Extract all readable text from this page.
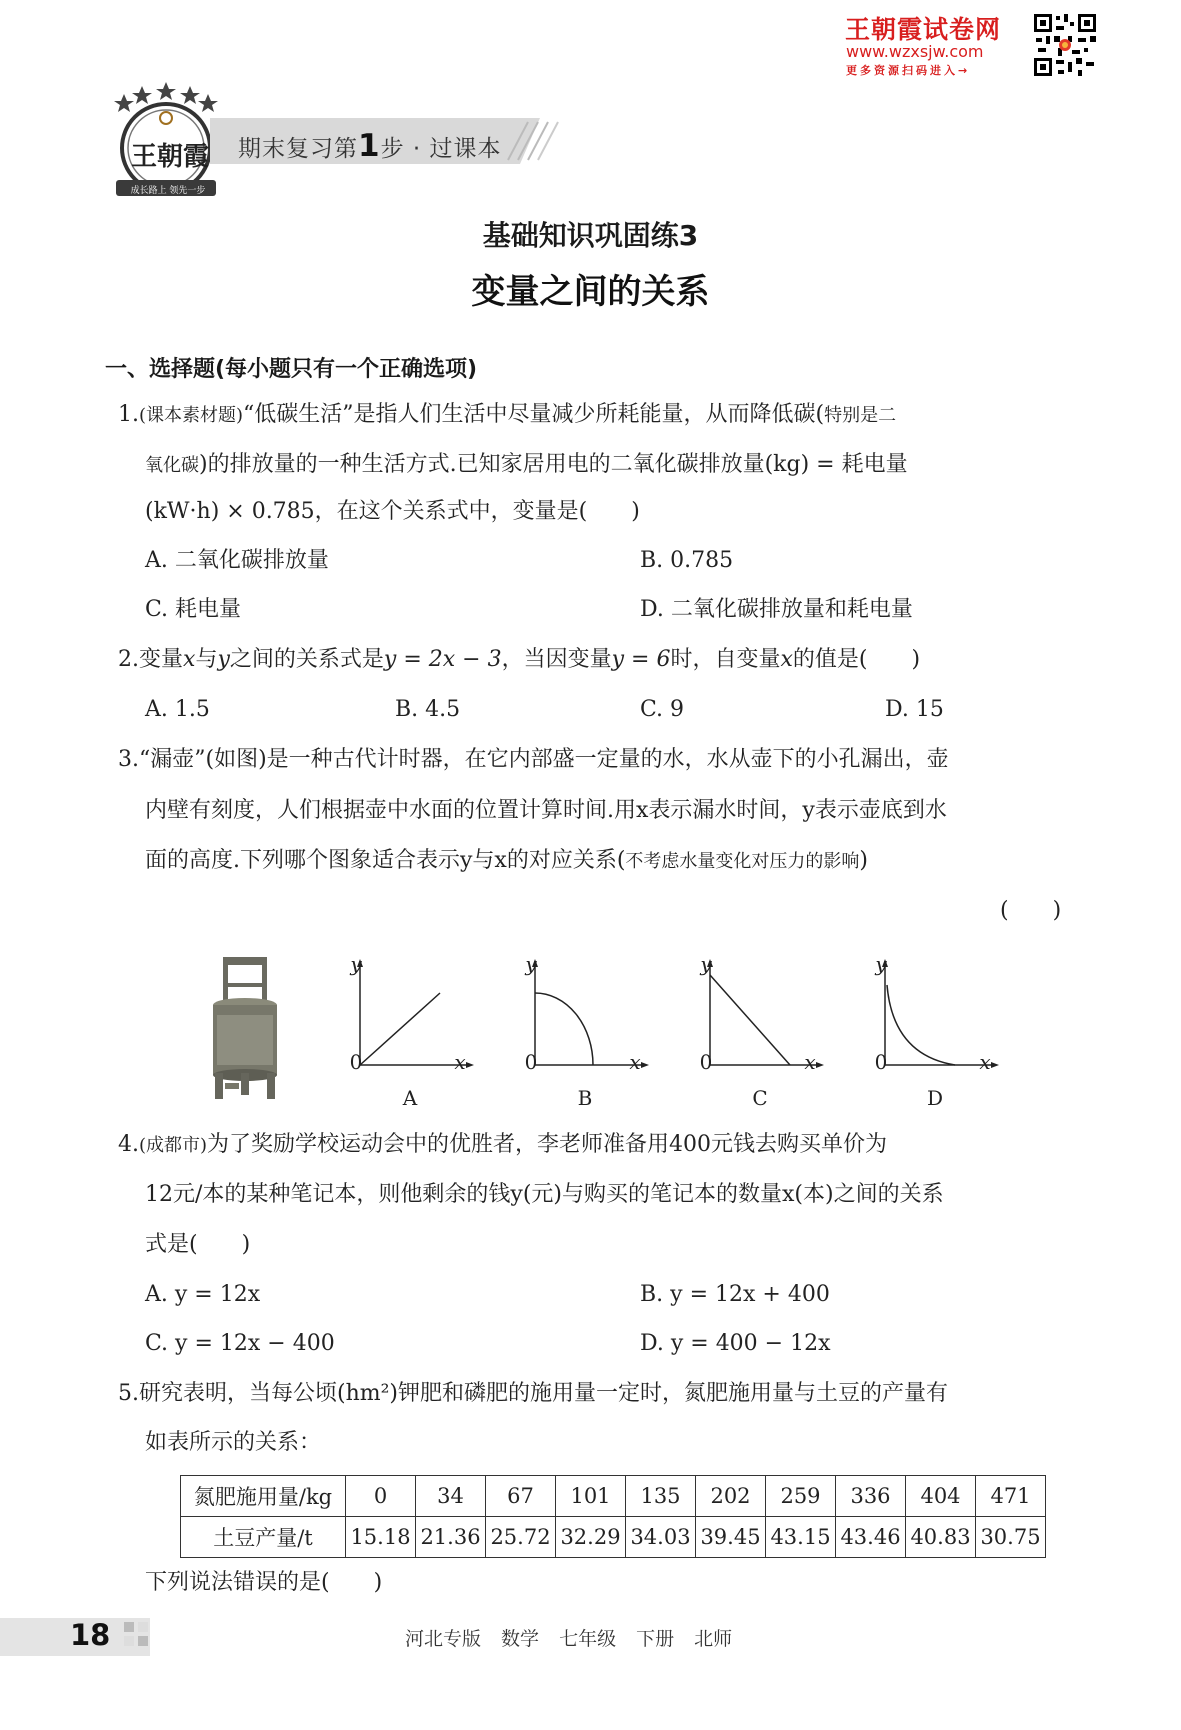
王朝霞试卷网
www.wzxsjw.com
更多资源扫码进入→
王朝霞
成长路上 领先一步
期末复习第1步 · 过课本
基础知识巩固练3
变量之间的关系
一、选择题(每小题只有一个正确选项)
1.(课本素材题)“低碳生活”是指人们生活中尽量减少所耗能量，从而降低碳(特别是二
氧化碳)的排放量的一种生活方式.已知家居用电的二氧化碳排放量(kg) = 耗电量
(kW·h) × 0.785，在这个关系式中，变量是(　　)
A. 二氧化碳排放量	B. 0.785
C. 耗电量	D. 二氧化碳排放量和耗电量
2.变量x与y之间的关系式是y = 2x − 3，当因变量y = 6时，自变量x的值是(　　)
A. 1.5	B. 4.5	C. 9	D. 15
3.“漏壶”(如图)是一种古代计时器，在它内部盛一定量的水，水从壶下的小孔漏出，壶
内壁有刻度，人们根据壶中水面的位置计算时间.用x表示漏水时间，y表示壶底到水
面的高度.下列哪个图象适合表示y与x的对应关系(不考虑水量变化对压力的影响)
(　　)
y
0	x
A
y
0	x
B
y
0	x
C
y
0	x
D
4.(成都市)为了奖励学校运动会中的优胜者，李老师准备用400元钱去购买单价为
12元/本的某种笔记本，则他剩余的钱y(元)与购买的笔记本的数量x(本)之间的关系
式是(　　)
A. y = 12x	B. y = 12x + 400
C. y = 12x − 400	D. y = 400 − 12x
5.研究表明，当每公顷(hm²)钾肥和磷肥的施用量一定时，氮肥施用量与土豆的产量有
如表所示的关系：
氮肥施用量/kg	0	34	67	101	135	202	259	336	404	471
土豆产量/t	15.18	21.36	25.72	32.29	34.03	39.45	43.15	43.46	40.83	30.75
下列说法错误的是(　　)
18	河北专版 数学 七年级 下册 北师
